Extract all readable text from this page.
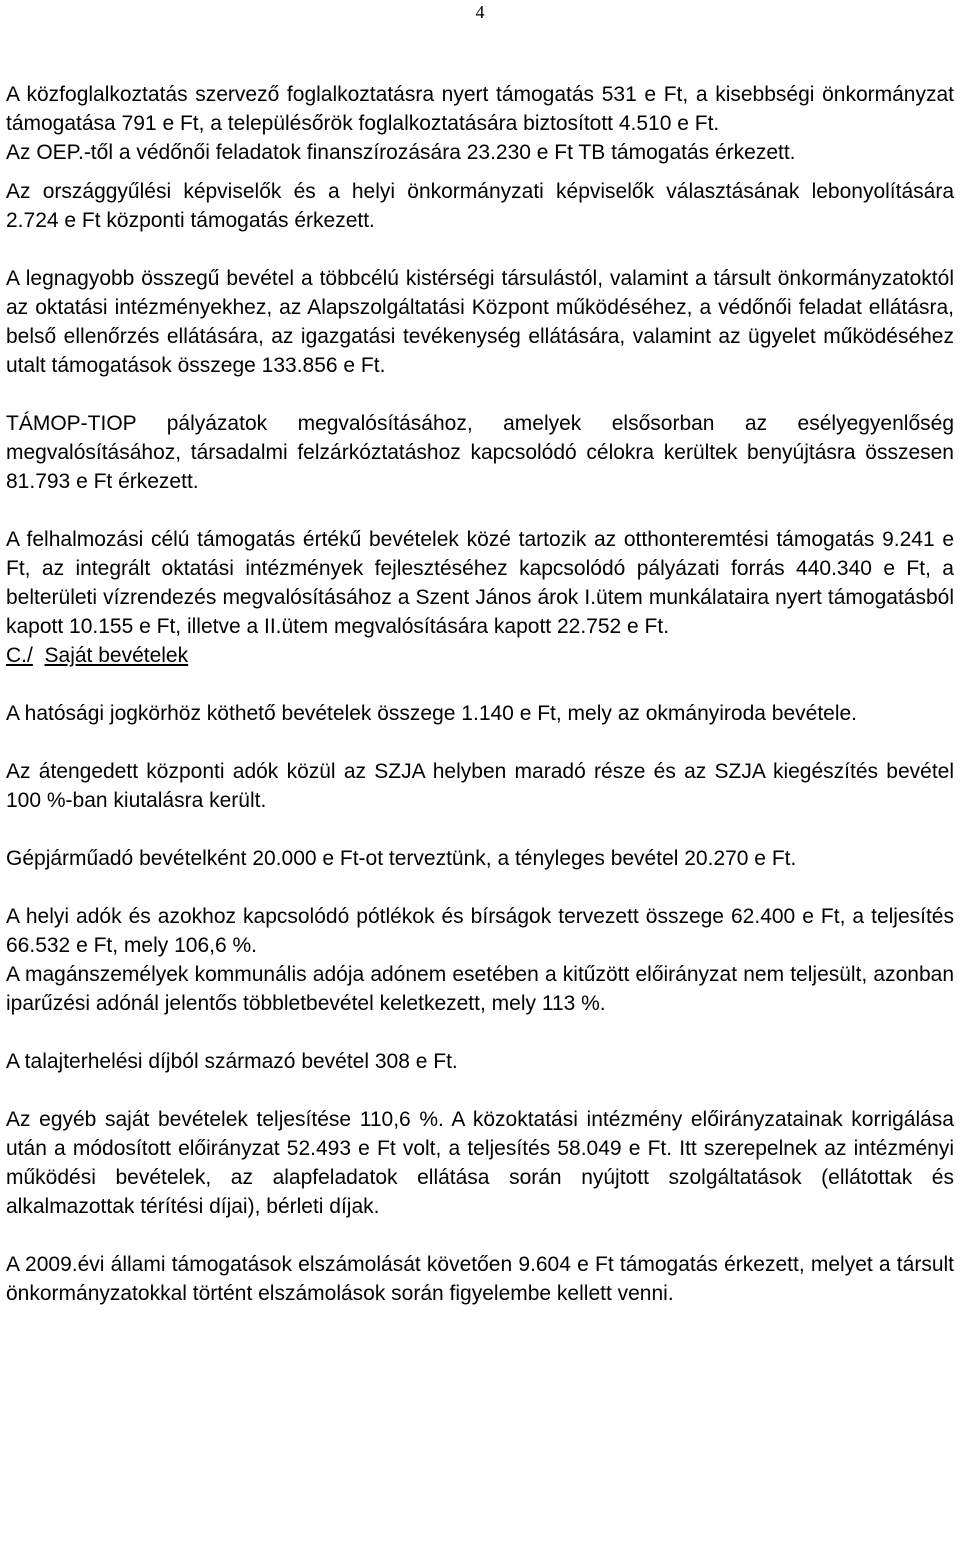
4

A közfoglalkoztatás szervező foglalkoztatásra nyert támogatás 531 e Ft, a kisebbségi önkormányzat támogatása 791 e Ft, a településőrök foglalkoztatására biztosított 4.510 e Ft.

Az OEP.-től a védőnői feladatok finanszírozására 23.230 e Ft TB támogatás érkezett.

Az országgyűlési képviselők és a helyi önkormányzati képviselők választásának lebonyolítására 2.724 e Ft központi támogatás érkezett.

A legnagyobb összegű bevétel a többcélú kistérségi társulástól, valamint a társult önkormányzatoktól az oktatási intézményekhez, az Alapszolgáltatási Központ működéséhez, a védőnői feladat ellátásra, belső ellenőrzés ellátására, az igazgatási tevékenység ellátására, valamint az ügyelet működéséhez utalt támogatások összege 133.856 e Ft.

TÁMOP-TIOP pályázatok megvalósításához, amelyek elsősorban az esélyegyenlőség megvalósításához, társadalmi felzárkóztatáshoz kapcsolódó célokra kerültek benyújtásra összesen 81.793 e Ft érkezett.

A felhalmozási célú támogatás értékű bevételek közé tartozik az otthonteremtési támogatás 9.241 e Ft, az integrált oktatási intézmények fejlesztéséhez kapcsolódó pályázati forrás 440.340 e Ft, a belterületi vízrendezés megvalósításához a Szent János árok I.ütem munkálataira nyert támogatásból kapott 10.155 e Ft, illetve a II.ütem megvalósítására kapott 22.752 e Ft.

C./ Saját bevételek

A hatósági jogkörhöz köthető bevételek összege 1.140 e Ft, mely az okmányiroda bevétele.

Az átengedett központi adók közül az SZJA helyben maradó része és az SZJA kiegészítés bevétel 100 %-ban kiutalásra került.

Gépjárműadó bevételként 20.000 e Ft-ot terveztünk, a tényleges bevétel 20.270 e Ft.

A helyi adók és azokhoz kapcsolódó pótlékok és bírságok tervezett összege 62.400 e Ft, a teljesítés 66.532 e Ft, mely 106,6 %.

A magánszemélyek kommunális adója adónem esetében a kitűzött előirányzat nem teljesült, azonban iparűzési adónál jelentős többletbevétel keletkezett, mely 113 %.

A talajterhelési díjból származó bevétel 308 e Ft.

Az egyéb saját bevételek teljesítése 110,6 %. A közoktatási intézmény előirányzatainak korrigálása után a módosított előirányzat 52.493 e Ft volt, a teljesítés 58.049 e Ft. Itt szerepelnek az intézményi működési bevételek, az alapfeladatok ellátása során nyújtott szolgáltatások (ellátottak és alkalmazottak térítési díjai), bérleti díjak.

A 2009.évi állami támogatások elszámolását követően 9.604 e Ft támogatás érkezett, melyet a társult önkormányzatokkal történt elszámolások során figyelembe kellett venni.
